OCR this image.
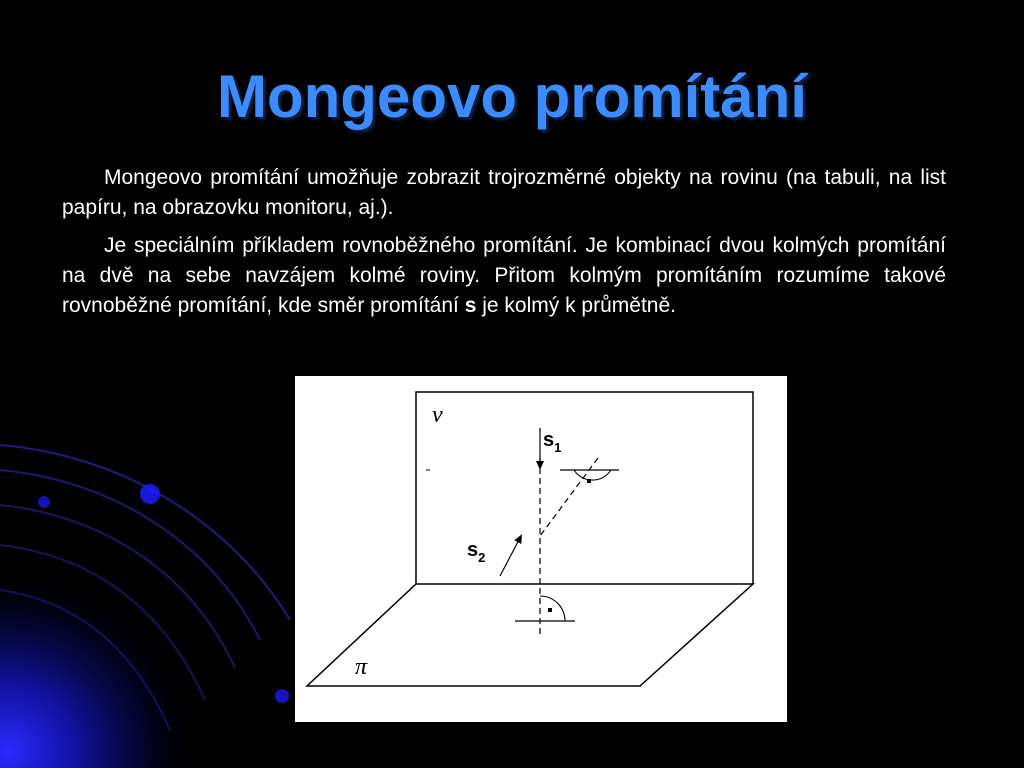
Mongeovo promítání

Mongeovo promítání umožňuje zobrazit trojrozměrné objekty na rovinu (na tabuli, na list papíru, na obrazovku monitoru, aj.).

Je speciálním příkladem rovnoběžného promítání. Je kombinací dvou kolmých promítání na dvě na sebe navzájem kolmé roviny. Přitom kolmým promítáním rozumíme takové rovnoběžné promítání, kde směr promítání s je kolmý k průmětně.

ν
π
$s_1$
$s_2$
